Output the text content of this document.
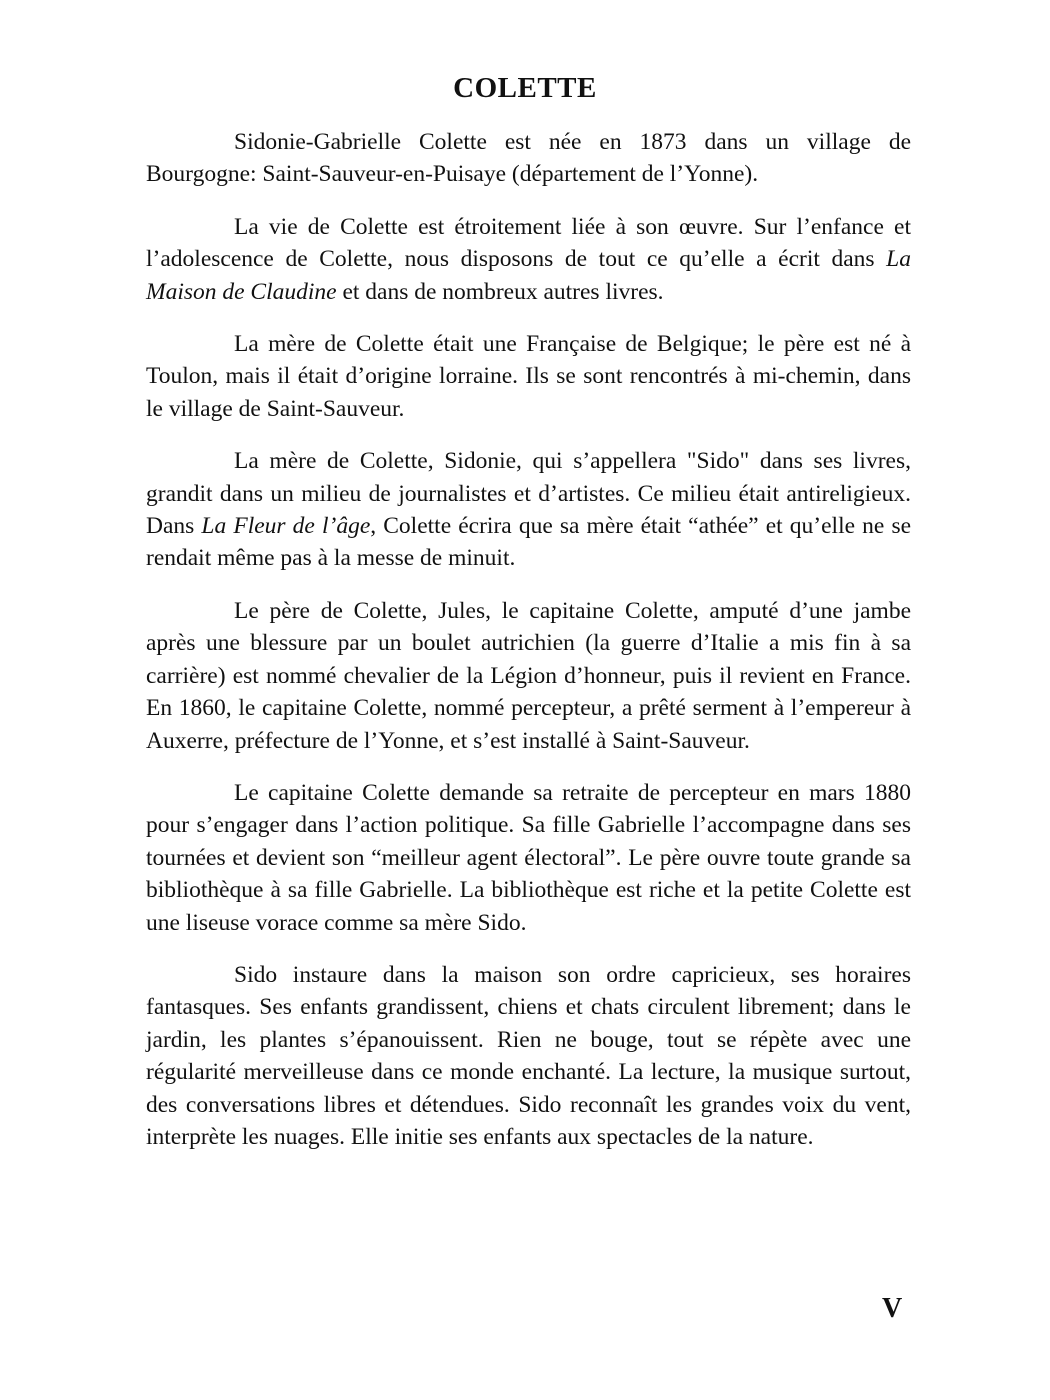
COLETTE

Sidonie-Gabrielle Colette est née en 1873 dans un village de Bourgogne: Saint-Sauveur-en-Puisaye (département de l’Yonne).

La vie de Colette est étroitement liée à son œuvre. Sur l’enfance et l’adolescence de Colette, nous disposons de tout ce qu’elle a écrit dans La Maison de Claudine et dans de nombreux autres livres.

La mère de Colette était une Française de Belgique; le père est né à Toulon, mais il était d’origine lorraine. Ils se sont rencontrés à mi-chemin, dans le village de Saint-Sauveur.

La mère de Colette, Sidonie, qui s’appellera "Sido" dans ses livres, grandit dans un milieu de journalistes et d’artistes. Ce milieu était antireligieux. Dans La Fleur de l’âge, Colette écrira que sa mère était “athée” et qu’elle ne se rendait même pas à la messe de minuit.

Le père de Colette, Jules, le capitaine Colette, amputé d’une jambe après une blessure par un boulet autrichien (la guerre d’Italie a mis fin à sa carrière) est nommé chevalier de la Légion d’honneur, puis il revient en France. En 1860, le capitaine Colette, nommé percepteur, a prêté serment à l’empereur à Auxerre, préfecture de l’Yonne, et s’est installé à Saint-Sauveur.

Le capitaine Colette demande sa retraite de percepteur en mars 1880 pour s’engager dans l’action politique. Sa fille Gabrielle l’accompagne dans ses tournées et devient son “meilleur agent électoral”. Le père ouvre toute grande sa bibliothèque à sa fille Gabrielle. La bibliothèque est riche et la petite Colette est une liseuse vorace comme sa mère Sido.

Sido instaure dans la maison son ordre capricieux, ses horaires fantasques. Ses enfants grandissent, chiens et chats circulent librement; dans le jardin, les plantes s’épanouissent. Rien ne bouge, tout se répète avec une régularité merveilleuse dans ce monde enchanté. La lecture, la musique surtout, des conversations libres et détendues. Sido reconnaît les grandes voix du vent, interprète les nuages. Elle initie ses enfants aux spectacles de la nature.

V
